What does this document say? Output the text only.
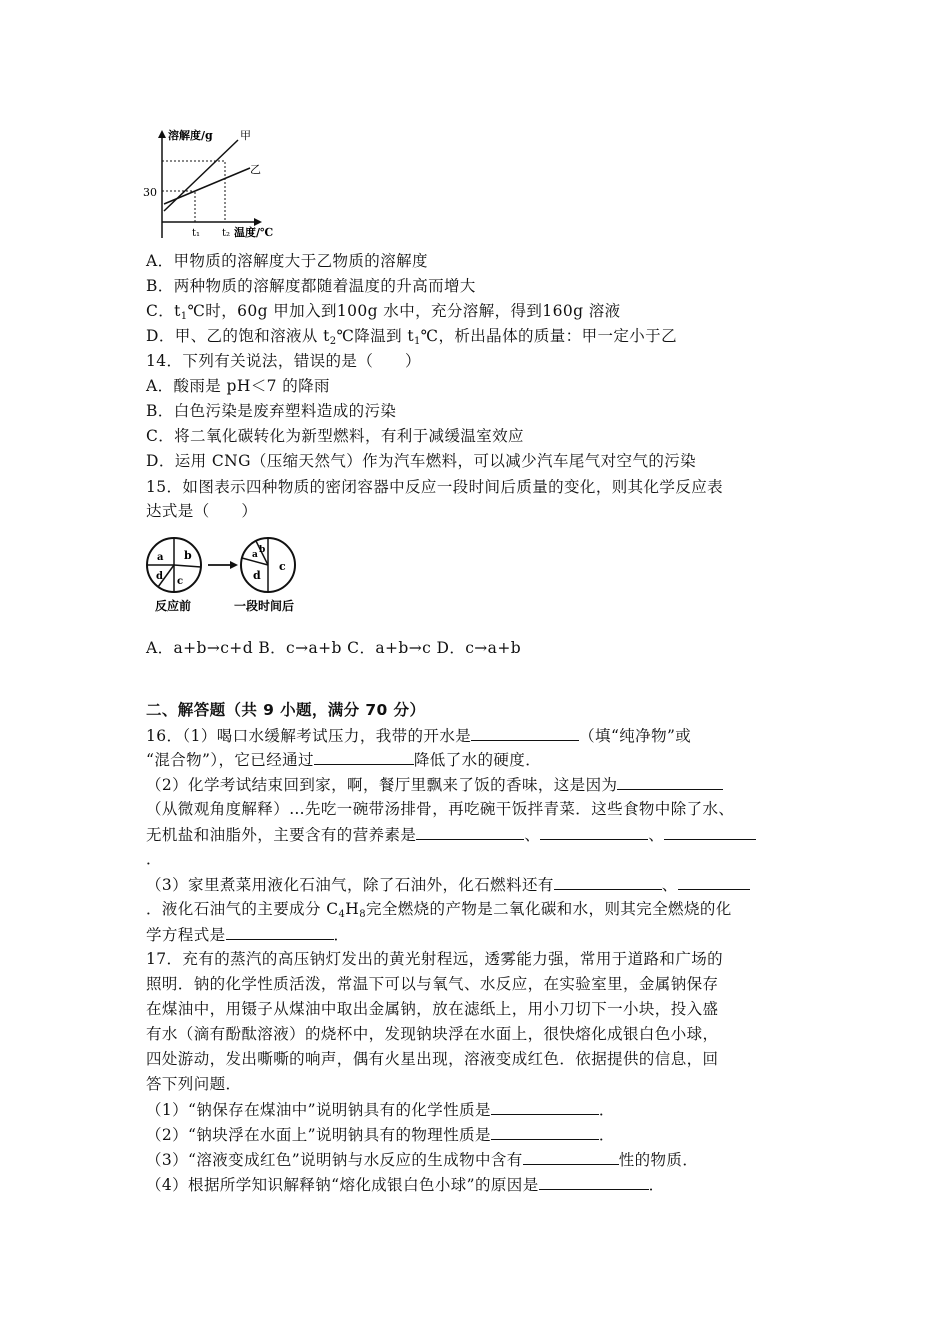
溶解度/g 甲
乙
30
t₁ t₂ 温度/℃
A．甲物质的溶解度大于乙物质的溶解度
B．两种物质的溶解度都随着温度的升高而增大
C．$t_1℃$时，60g 甲加入到100g 水中，充分溶解，得到160g 溶液
D．甲、乙的饱和溶液从 $t_2℃$降温到 $t_1℃$，析出晶体的质量：甲一定小于乙
14．下列有关说法，错误的是（　　）
A．酸雨是 pH＜7 的降雨
B．白色污染是废弃塑料造成的污染
C．将二氧化碳转化为新型燃料，有利于减缓温室效应
D．运用 CNG（压缩天然气）作为汽车燃料，可以减少汽车尾气对空气的污染
15．如图表示四种物质的密闭容器中反应一段时间后质量的变化，则其化学反应表
达式是（　　）
a b
c
d
a b
c
d
反应前	一段时间后
A．a+b→c+d B．c→a+b C．a+b→c D．c→a+b
二、解答题（共 9 小题，满分 70 分）
16．（1）喝口水缓解考试压力，我带的开水是	（填“纯净物”或
“混合物”），它已经通过	降低了水的硬度．
（2）化学考试结束回到家，啊，餐厅里飘来了饭的香味，这是因为
（从微观角度解释）…先吃一碗带汤排骨，再吃碗干饭拌青菜．这些食物中除了水、
无机盐和油脂外，主要含有的营养素是	、	、
．
（3）家里煮菜用液化石油气，除了石油外，化石燃料还有	、
．液化石油气的主要成分 $C_4H_8$完全燃烧的产物是二氧化碳和水，则其完全燃烧的化
学方程式是	．
17．充有的蒸汽的高压钠灯发出的黄光射程远，透雾能力强，常用于道路和广场的
照明．钠的化学性质活泼，常温下可以与氧气、水反应，在实验室里，金属钠保存
在煤油中，用镊子从煤油中取出金属钠，放在滤纸上，用小刀切下一小块，投入盛
有水（滴有酚酞溶液）的烧杯中，发现钠块浮在水面上，很快熔化成银白色小球，
四处游动，发出嘶嘶的响声，偶有火星出现，溶液变成红色．依据提供的信息，回
答下列问题．
（1）“钠保存在煤油中”说明钠具有的化学性质是	．
（2）“钠块浮在水面上”说明钠具有的物理性质是	．
（3）“溶液变成红色”说明钠与水反应的生成物中含有	性的物质．
（4）根据所学知识解释钠“熔化成银白色小球”的原因是	．
